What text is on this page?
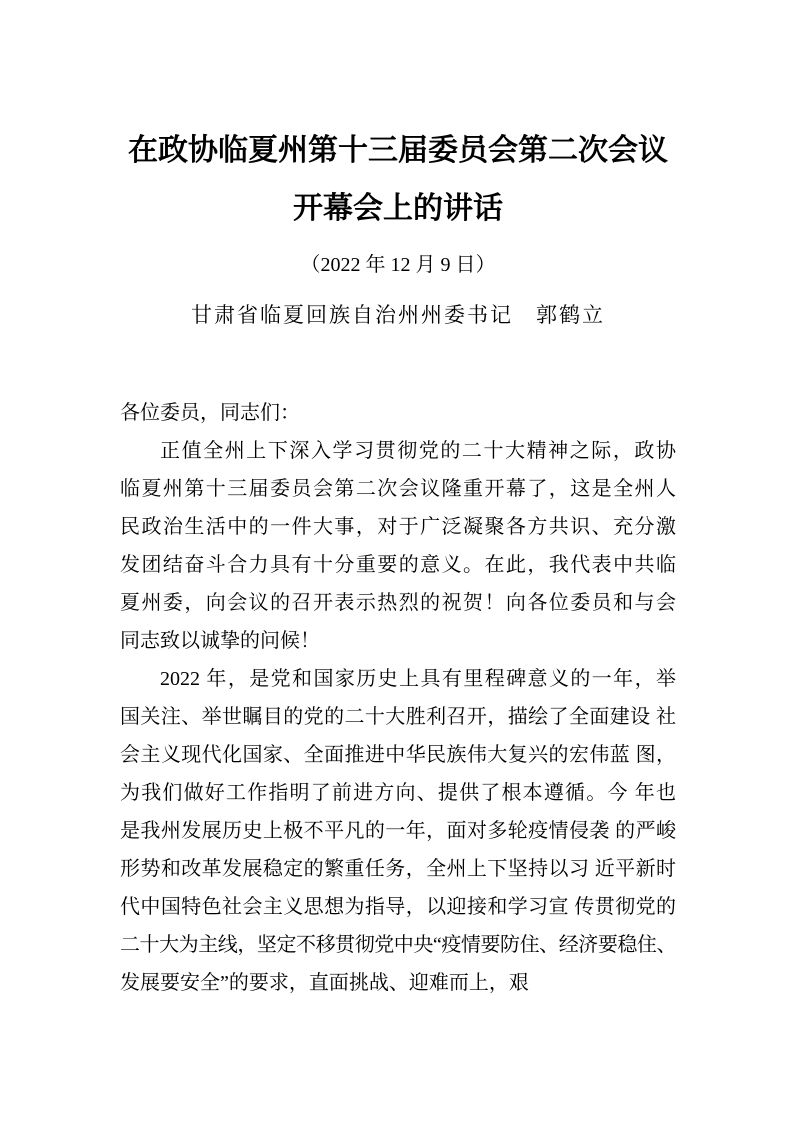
在政协临夏州第十三届委员会第二次会议
开幕会上的讲话
（2022 年 12 月 9 日）
甘肃省临夏回族自治州州委书记　郭鹤立
各位委员，同志们：
正值全州上下深入学习贯彻党的二十大精神之际，政协
临夏州第十三届委员会第二次会议隆重开幕了，这是全州人
民政治生活中的一件大事，对于广泛凝聚各方共识、充分激
发团结奋斗合力具有十分重要的意义。在此，我代表中共临
夏州委，向会议的召开表示热烈的祝贺！向各位委员和与会
同志致以诚挚的问候！
2022 年，是党和国家历史上具有里程碑意义的一年，举
国关注、举世瞩目的党的二十大胜利召开，描绘了全面建设 社
会主义现代化国家、全面推进中华民族伟大复兴的宏伟蓝 图，
为我们做好工作指明了前进方向、提供了根本遵循。今 年也
是我州发展历史上极不平凡的一年，面对多轮疫情侵袭 的严峻
形势和改革发展稳定的繁重任务，全州上下坚持以习 近平新时
代中国特色社会主义思想为指导，以迎接和学习宣 传贯彻党的
二十大为主线，坚定不移贯彻党中央“疫情要防住、经济要稳住、
发展要安全”的要求，直面挑战、迎难而上，艰
